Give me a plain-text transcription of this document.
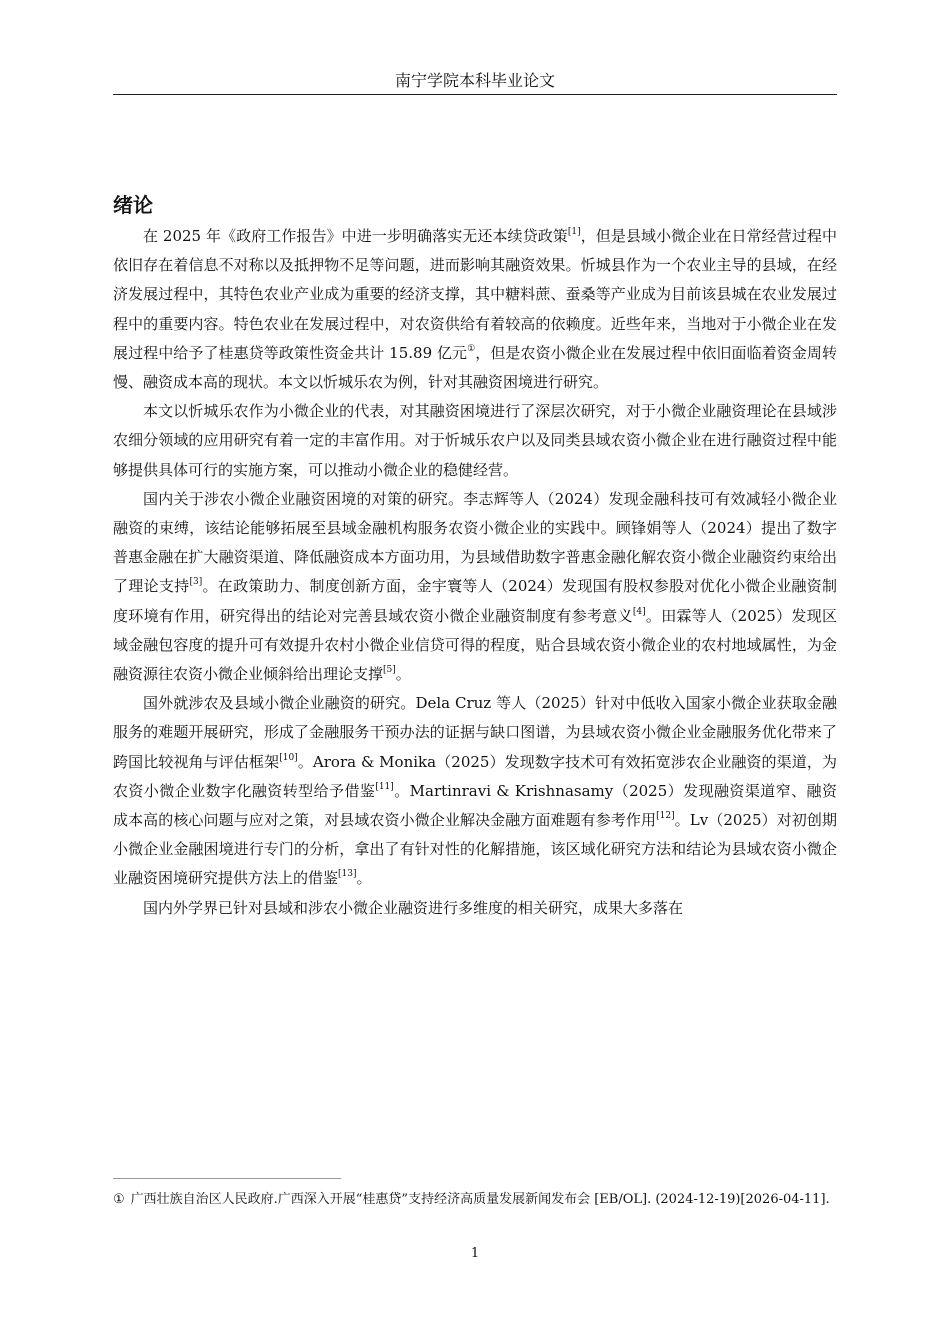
南宁学院本科毕业论文
绪论

在 2025 年《政府工作报告》中进一步明确落实无还本续贷政策[1]，但是县域小微企业在日常经营过程中依旧存在着信息不对称以及抵押物不足等问题，进而影响其融资效果。忻城县作为一个农业主导的县域，在经济发展过程中，其特色农业产业成为重要的经济支撑，其中糖料蔗、蚕桑等产业成为目前该县城在农业发展过程中的重要内容。特色农业在发展过程中，对农资供给有着较高的依赖度。近些年来，当地对于小微企业在发展过程中给予了桂惠贷等政策性资金共计 15.89 亿元①，但是农资小微企业在发展过程中依旧面临着资金周转慢、融资成本高的现状。本文以忻城乐农为例，针对其融资困境进行研究。

本文以忻城乐农作为小微企业的代表，对其融资困境进行了深层次研究，对于小微企业融资理论在县域涉农细分领域的应用研究有着一定的丰富作用。对于忻城乐农户以及同类县域农资小微企业在进行融资过程中能够提供具体可行的实施方案，可以推动小微企业的稳健经营。

国内关于涉农小微企业融资困境的对策的研究。李志辉等人（2024）发现金融科技可有效减轻小微企业融资的束缚，该结论能够拓展至县域金融机构服务农资小微企业的实践中。顾锋娟等人（2024）提出了数字普惠金融在扩大融资渠道、降低融资成本方面功用，为县域借助数字普惠金融化解农资小微企业融资约束给出了理论支持[3]。在政策助力、制度创新方面，金宇寰等人（2024）发现国有股权参股对优化小微企业融资制度环境有作用，研究得出的结论对完善县域农资小微企业融资制度有参考意义[4]。田霖等人（2025）发现区域金融包容度的提升可有效提升农村小微企业信贷可得的程度，贴合县域农资小微企业的农村地域属性，为金融资源往农资小微企业倾斜给出理论支撑[5]。

国外就涉农及县域小微企业融资的研究。Dela Cruz 等人（2025）针对中低收入国家小微企业获取金融服务的难题开展研究，形成了金融服务干预办法的证据与缺口图谱，为县域农资小微企业金融服务优化带来了跨国比较视角与评估框架[10]。Arora & Monika（2025）发现数字技术可有效拓宽涉农企业融资的渠道，为农资小微企业数字化融资转型给予借鉴[11]。Martinravi & Krishnasamy（2025）发现融资渠道窄、融资成本高的核心问题与应对之策，对县域农资小微企业解决金融方面难题有参考作用[12]。Lv（2025）对初创期小微企业金融困境进行专门的分析，拿出了有针对性的化解措施，该区域化研究方法和结论为县域农资小微企业融资困境研究提供方法上的借鉴[13]。

国内外学界已针对县域和涉农小微企业融资进行多维度的相关研究，成果大多落在

① 广西壮族自治区人民政府.广西深入开展“桂惠贷”支持经济高质量发展新闻发布会 [EB/OL]. (2024-12-19)[2026-04-11].

1
